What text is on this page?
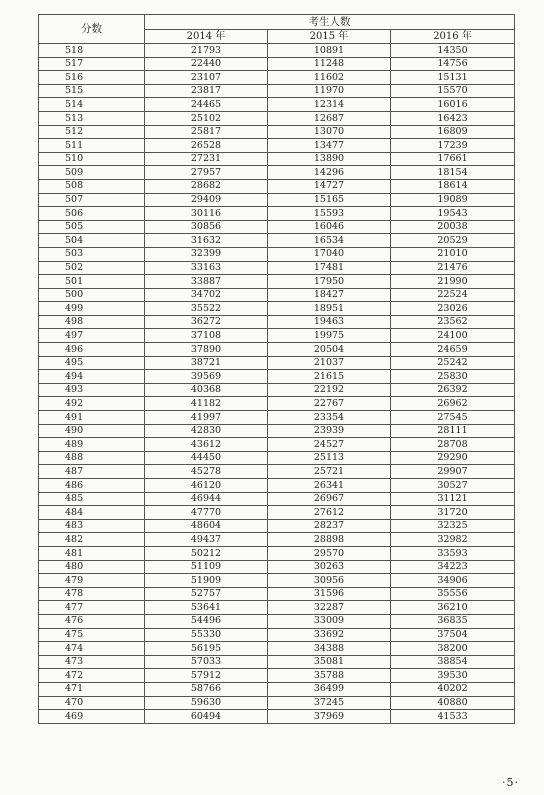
分数	考生人数		
	2014 年	2015 年	2016 年
518	21793	10891	14350
517	22440	11248	14756
516	23107	11602	15131
515	23817	11970	15570
514	24465	12314	16016
513	25102	12687	16423
512	25817	13070	16809
511	26528	13477	17239
510	27231	13890	17661
509	27957	14296	18154
508	28682	14727	18614
507	29409	15165	19089
506	30116	15593	19543
505	30856	16046	20038
504	31632	16534	20529
503	32399	17040	21010
502	33163	17481	21476
501	33887	17950	21990
500	34702	18427	22524
499	35522	18951	23026
498	36272	19463	23562
497	37108	19975	24100
496	37890	20504	24659
495	38721	21037	25242
494	39569	21615	25830
493	40368	22192	26392
492	41182	22767	26962
491	41997	23354	27545
490	42830	23939	28111
489	43612	24527	28708
488	44450	25113	29290
487	45278	25721	29907
486	46120	26341	30527
485	46944	26967	31121
484	47770	27612	31720
483	48604	28237	32325
482	49437	28898	32982
481	50212	29570	33593
480	51109	30263	34223
479	51909	30956	34906
478	52757	31596	35556
477	53641	32287	36210
476	54496	33009	36835
475	55330	33692	37504
474	56195	34388	38200
473	57033	35081	38854
472	57912	35788	39530
471	58766	36499	40202
470	59630	37245	40880
469	60494	37969	41533
·5·
